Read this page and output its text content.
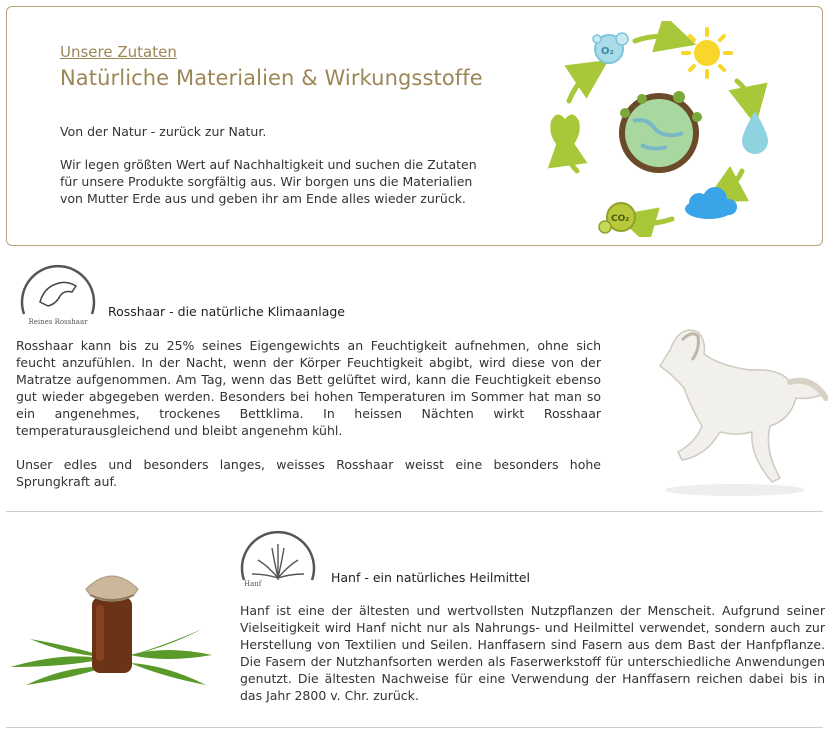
Unsere Zutaten
Natürliche Materialien & Wirkungsstoffe

Von der Natur - zurück zur Natur.

Wir legen größten Wert auf Nachhaltigkeit und suchen die Zutaten für unsere Produkte sorgfältig aus. Wir borgen uns die Materialien von Mutter Erde aus und geben ihr am Ende alles wieder zurück.

O₂
CO₂
Reines Rosshaar
Rosshaar - die natürliche Klimaanlage

Rosshaar kann bis zu 25% seines Eigengewichts an Feuchtigkeit aufnehmen, ohne sich feucht anzufühlen. In der Nacht, wenn der Körper Feuchtigkeit abgibt, wird diese von der Matratze aufgenommen. Am Tag, wenn das Bett gelüftet wird, kann die Feuchtigkeit ebenso gut wieder abgegeben werden. Besonders bei hohen Temperaturen im Sommer hat man so ein angenehmes, trockenes Bettklima. In heissen Nächten wirkt Rosshaar temperaturausgleichend und bleibt angenehm kühl.

Unser edles und besonders langes, weisses Rosshaar weisst eine besonders hohe Sprungkraft auf.

Hanf	Hanf - ein natürliches Heilmittel
Hanf ist eine der ältesten und wertvollsten Nutzpflanzen der Menscheit. Aufgrund seiner Vielseitigkeit wird Hanf nicht nur als Nahrungs- und Heilmittel verwendet, sondern auch zur Herstellung von Textilien und Seilen. Hanffasern sind Fasern aus dem Bast der Hanfpflanze. Die Fasern der Nutzhanfsorten werden als Faserwerkstoff für unterschiedliche Anwendungen genutzt. Die ältesten Nachweise für eine Verwendung der Hanffasern reichen dabei bis in das Jahr 2800 v. Chr. zurück.
